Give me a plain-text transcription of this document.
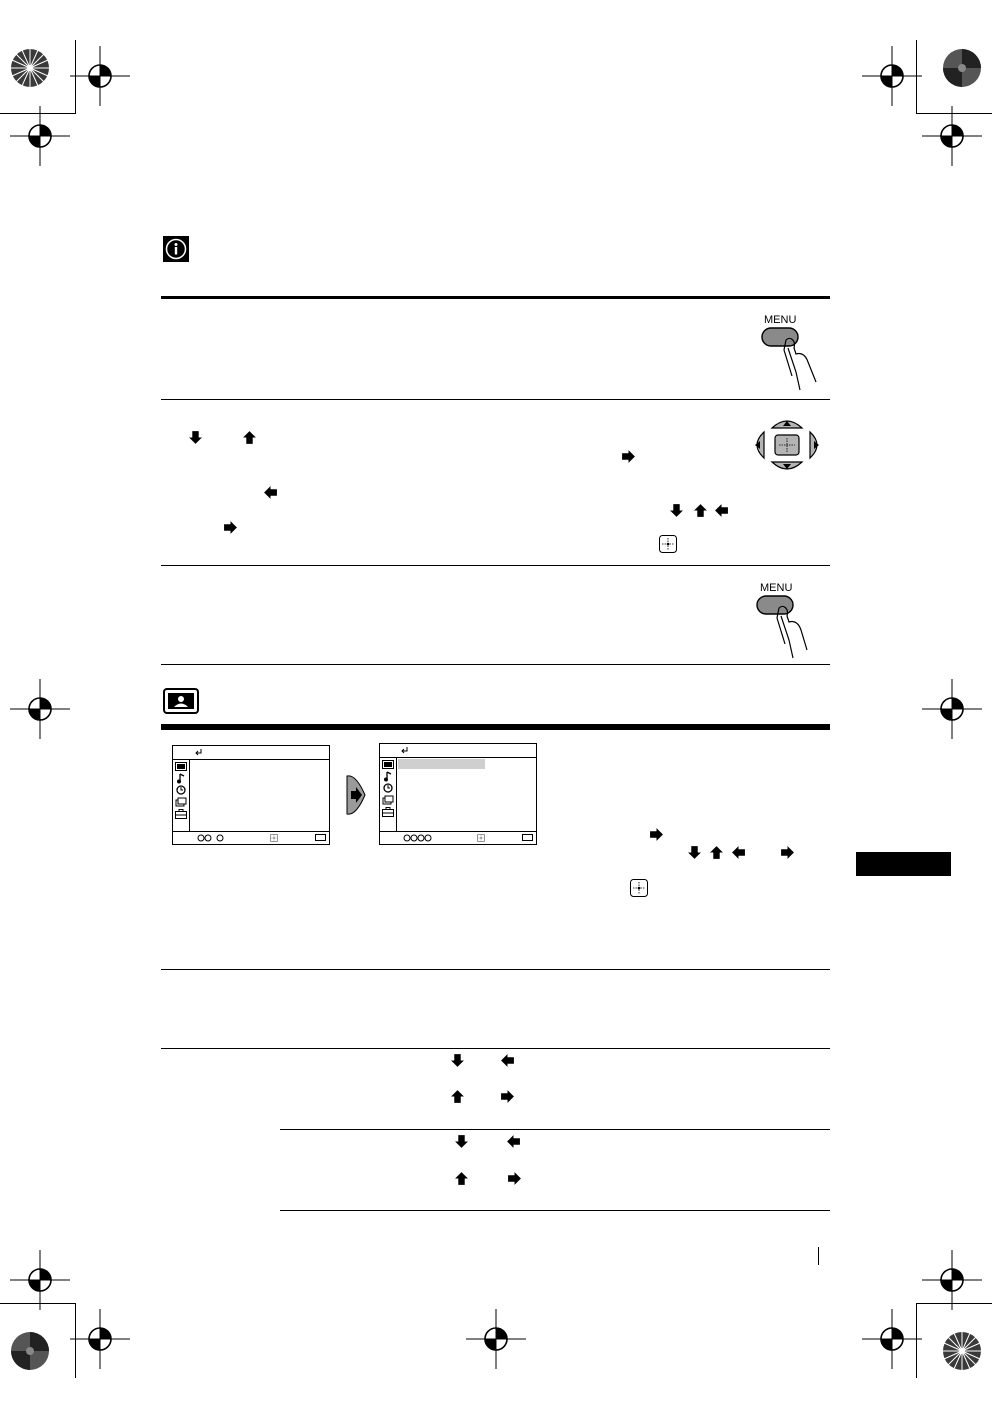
MENU
MENU
